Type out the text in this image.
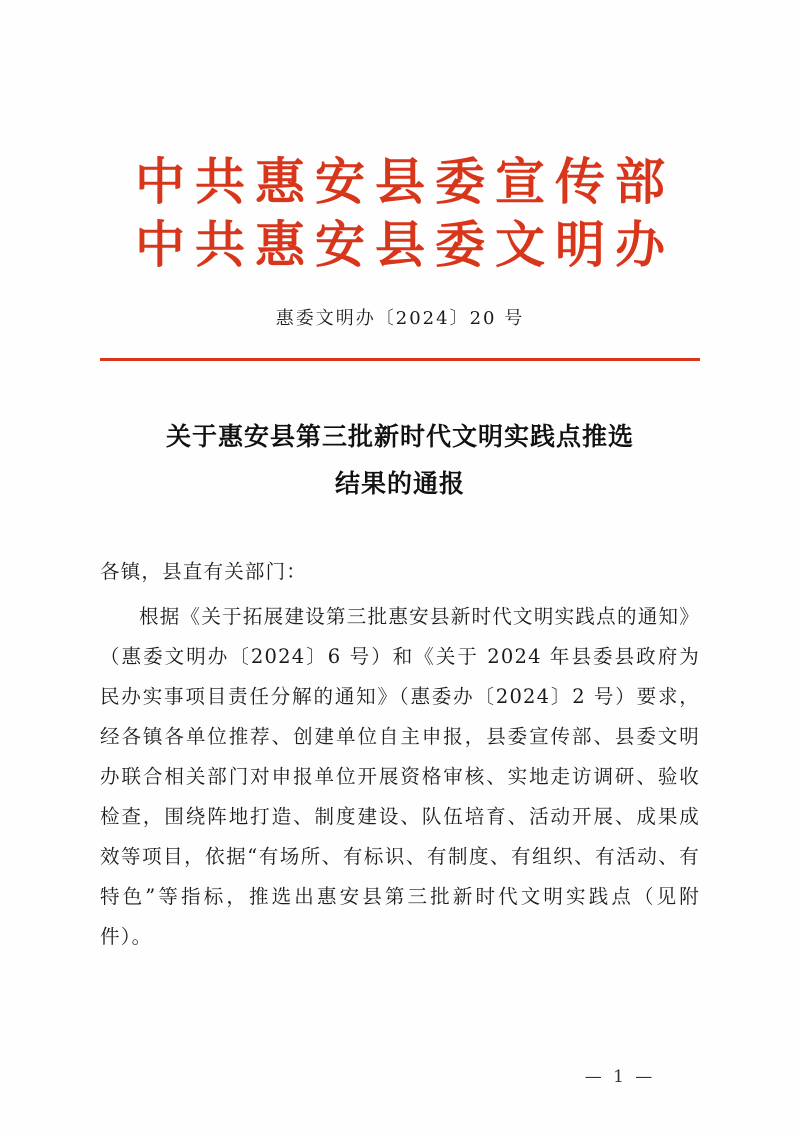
中共惠安县委宣传部
中共惠安县委文明办
惠委文明办〔2024〕20 号
关于惠安县第三批新时代文明实践点推选
结果的通报
各镇，县直有关部门：
根据《关于拓展建设第三批惠安县新时代文明实践点的通知》（惠委文明办〔2024〕6 号）和《关于 2024 年县委县政府为民办实事项目责任分解的通知》（惠委办〔2024〕2 号）要求，经各镇各单位推荐、创建单位自主申报，县委宣传部、县委文明办联合相关部门对申报单位开展资格审核、实地走访调研、验收检查，围绕阵地打造、制度建设、队伍培育、活动开展、成果成效等项目，依据“有场所、有标识、有制度、有组织、有活动、有特色”等指标，推选出惠安县第三批新时代文明实践点（见附件）。
— 1 —
